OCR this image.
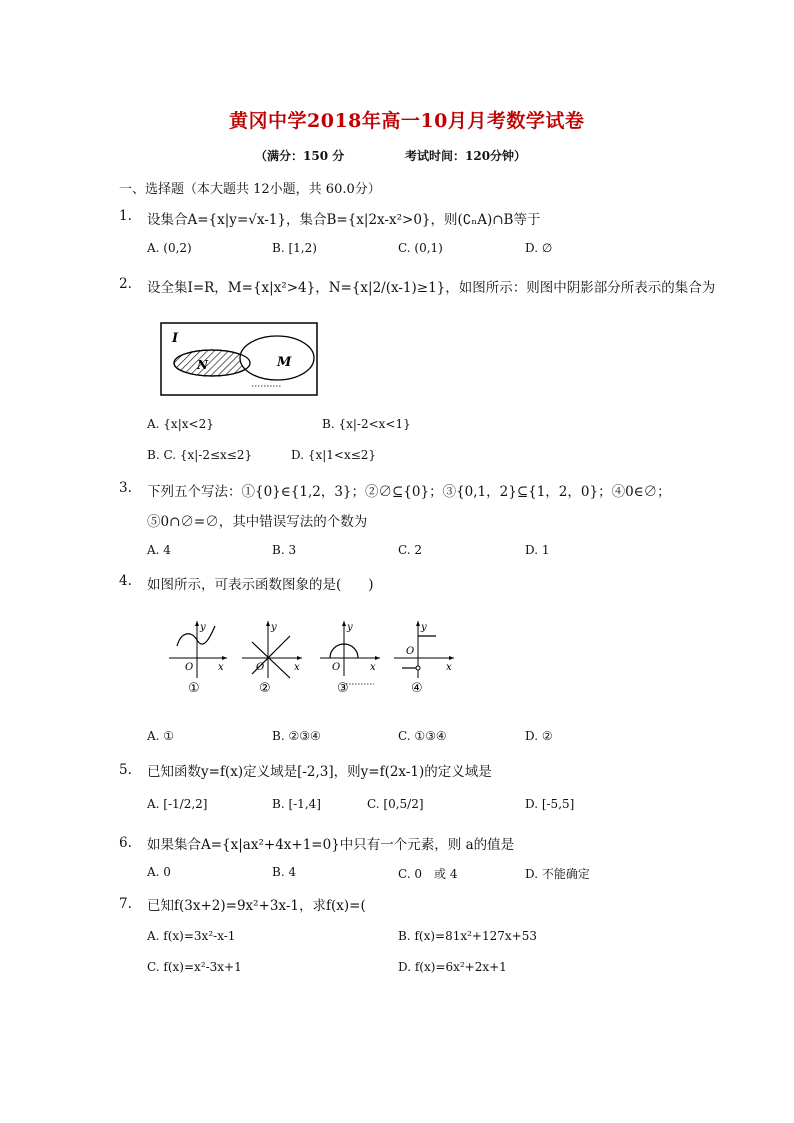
黄冈中学2018年高一10月月考数学试卷
（满分：150 分	考试时间：120分钟）
一、选择题（本大题共 12小题，共 60.0分）
1. 设集合A={x|y=√x-1}，集合B={x|2x-x²>0}，则(∁ₙA)∩B等于
A. (0,2)	B. [1,2)	C. (0,1)	D. ∅
2. 设全集I=R，M={x|x²>4}，N={x|2/(x-1)≥1}，如图所示：则图中阴影部分所表示的集合为
I
M
N
A. {x|x<2}	B. {x|-2<x<1}
B. C. {x|-2≤x≤2}	D. {x|1<x≤2}
3. 下列五个写法：①{0}∈{1,2，3}；②∅⊆{0}；③{0,1，2}⊆{1，2，0}；④0∈∅；
⑤0∩∅=∅，其中错误写法的个数为
A. 4	B. 3	C. 2	D. 1
4. 如图所示，可表示函数图象的是(　　)
O x
y
①
O	x
y
②
O	x
y
③
O
x
y
④
A. ①	B. ②③④	C. ①③④	D. ②
5. 已知函数y=f(x)定义域是[-2,3]，则y=f(2x-1)的定义域是
A. [-1/2,2]	B. [-1,4]	C. [0,5/2]	D. [-5,5]
6. 如果集合A={x|ax²+4x+1=0}中只有一个元素，则 a的值是
A. 0	B. 4	C. 0　或 4	D. 不能确定
7. 已知f(3x+2)=9x²+3x-1，求f(x)=(
A. f(x)=3x²-x-1	B. f(x)=81x²+127x+53
C. f(x)=x²-3x+1	D. f(x)=6x²+2x+1
